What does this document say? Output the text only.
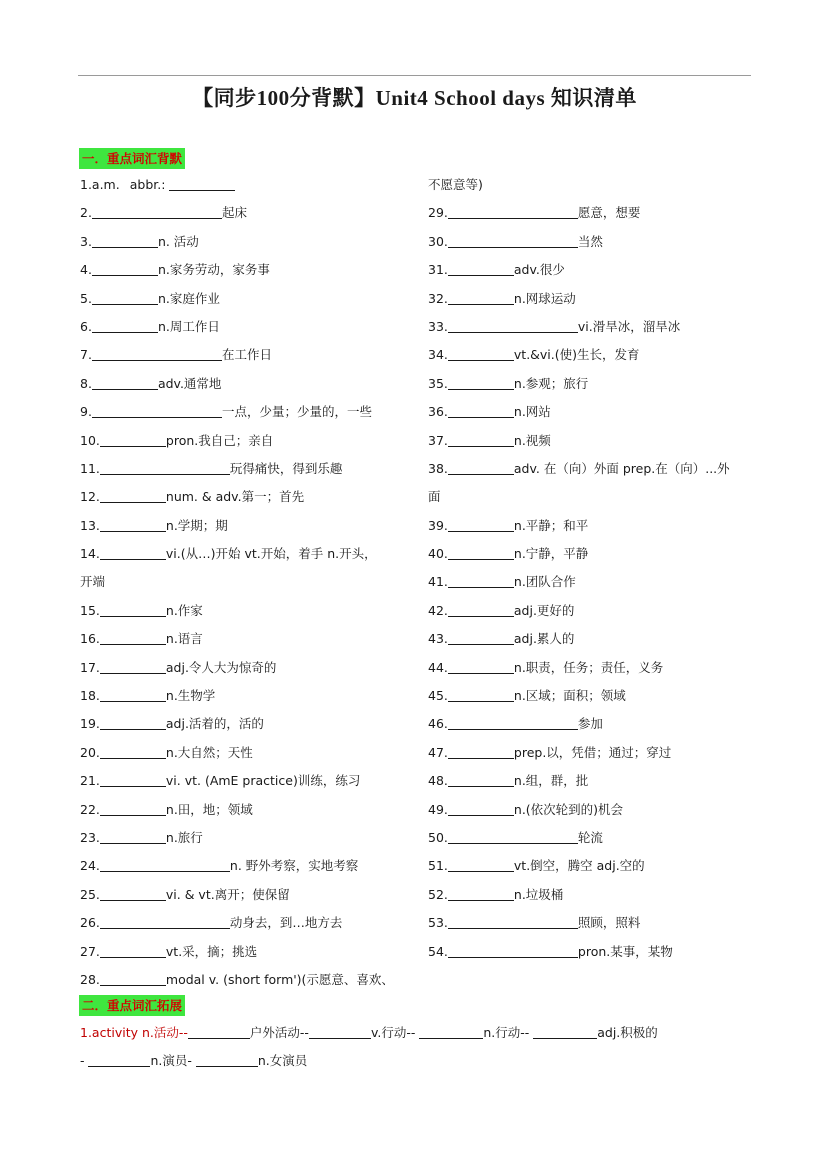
【同步100分背默】Unit4 School days 知识清单
一．重点词汇背默
1.a.m. abbr.:
2.	起床
3.	n. 活动
4.	n.家务劳动，家务事
5.	n.家庭作业
6.	n.周工作日
7.	在工作日
8.	adv.通常地
9.	一点，少量；少量的，一些
10.	pron.我自己；亲自
11.	玩得痛快，得到乐趣
12.	num. & adv.第一；首先
13.	n.学期；期
14.	vi.(从…)开始 vt.开始，着手 n.开头，
开端
15.	n.作家
16.	n.语言
17.	adj.令人大为惊奇的
18.	n.生物学
19.	adj.活着的，活的
20.	n.大自然；天性
21.	vi. vt. (AmE practice)训练，练习
22.	n.田，地；领域
23.	n.旅行
24.	n. 野外考察，实地考察
25.	vi. & vt.离开；使保留
26.	动身去，到…地方去
27.	vt.采，摘；挑选
28.	modal v. (short form')(示愿意、喜欢、
不愿意等)
29.	愿意，想要
30.	当然
31.	adv.很少
32.	n.网球运动
33.	vi.滑旱冰，溜旱冰
34.	vt.&vi.(使)生长，发育
35.	n.参观；旅行
36.	n.网站
37.	n.视频
38.	adv. 在（向）外面 prep.在（向）...外
面
39.	n.平静；和平
40.	n.宁静，平静
41.	n.团队合作
42.	adj.更好的
43.	adj.累人的
44.	n.职责，任务；责任，义务
45.	n.区域；面积；领域
46.	参加
47.	prep.以，凭借；通过；穿过
48.	n.组，群，批
49.	n.(依次轮到的)机会
50.	轮流
51.	vt.倒空，腾空 adj.空的
52.	n.垃圾桶
53.	照顾，照料
54.	pron.某事，某物
二．重点词汇拓展
1.activity n.活动--	户外活动--	v.行动--	n.行动--	adj.积极的
-	n.演员-	n.女演员
